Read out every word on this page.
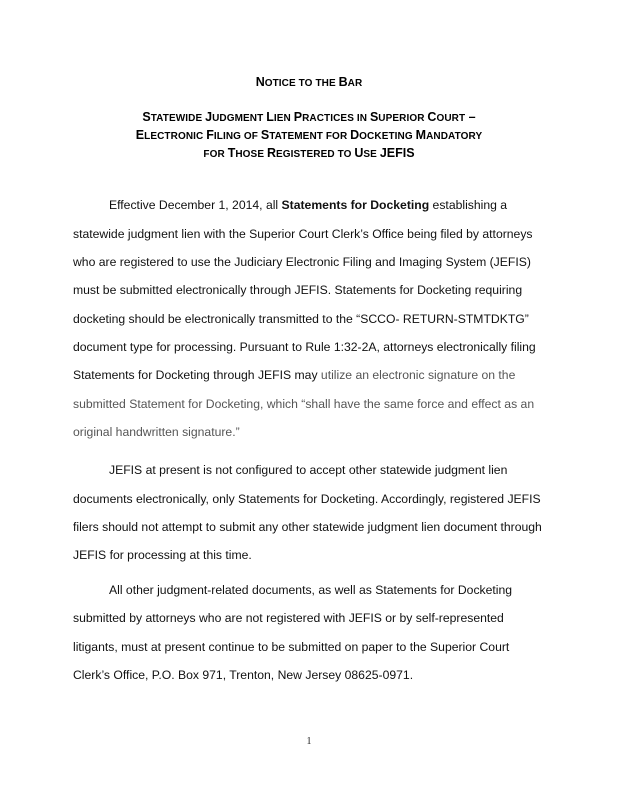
NOTICE TO THE BAR

STATEWIDE JUDGMENT LIEN PRACTICES IN SUPERIOR COURT –

ELECTRONIC FILING OF STATEMENT FOR DOCKETING MANDATORY

FOR THOSE REGISTERED TO USE JEFIS

Effective December 1, 2014, all Statements for Docketing establishing a

statewide judgment lien with the Superior Court Clerk’s Office being filed by attorneys

who are registered to use the Judiciary Electronic Filing and Imaging System (JEFIS)

must be submitted electronically through JEFIS. Statements for Docketing requiring

docketing should be electronically transmitted to the “SCCO- RETURN-STMTDKTG”

document type for processing. Pursuant to Rule 1:32-2A, attorneys electronically filing

Statements for Docketing through JEFIS may utilize an electronic signature on the

submitted Statement for Docketing, which “shall have the same force and effect as an

original handwritten signature.”

JEFIS at present is not configured to accept other statewide judgment lien

documents electronically, only Statements for Docketing. Accordingly, registered JEFIS

filers should not attempt to submit any other statewide judgment lien document through

JEFIS for processing at this time.

All other judgment-related documents, as well as Statements for Docketing

submitted by attorneys who are not registered with JEFIS or by self-represented

litigants, must at present continue to be submitted on paper to the Superior Court

Clerk’s Office, P.O. Box 971, Trenton, New Jersey 08625-0971.

1
